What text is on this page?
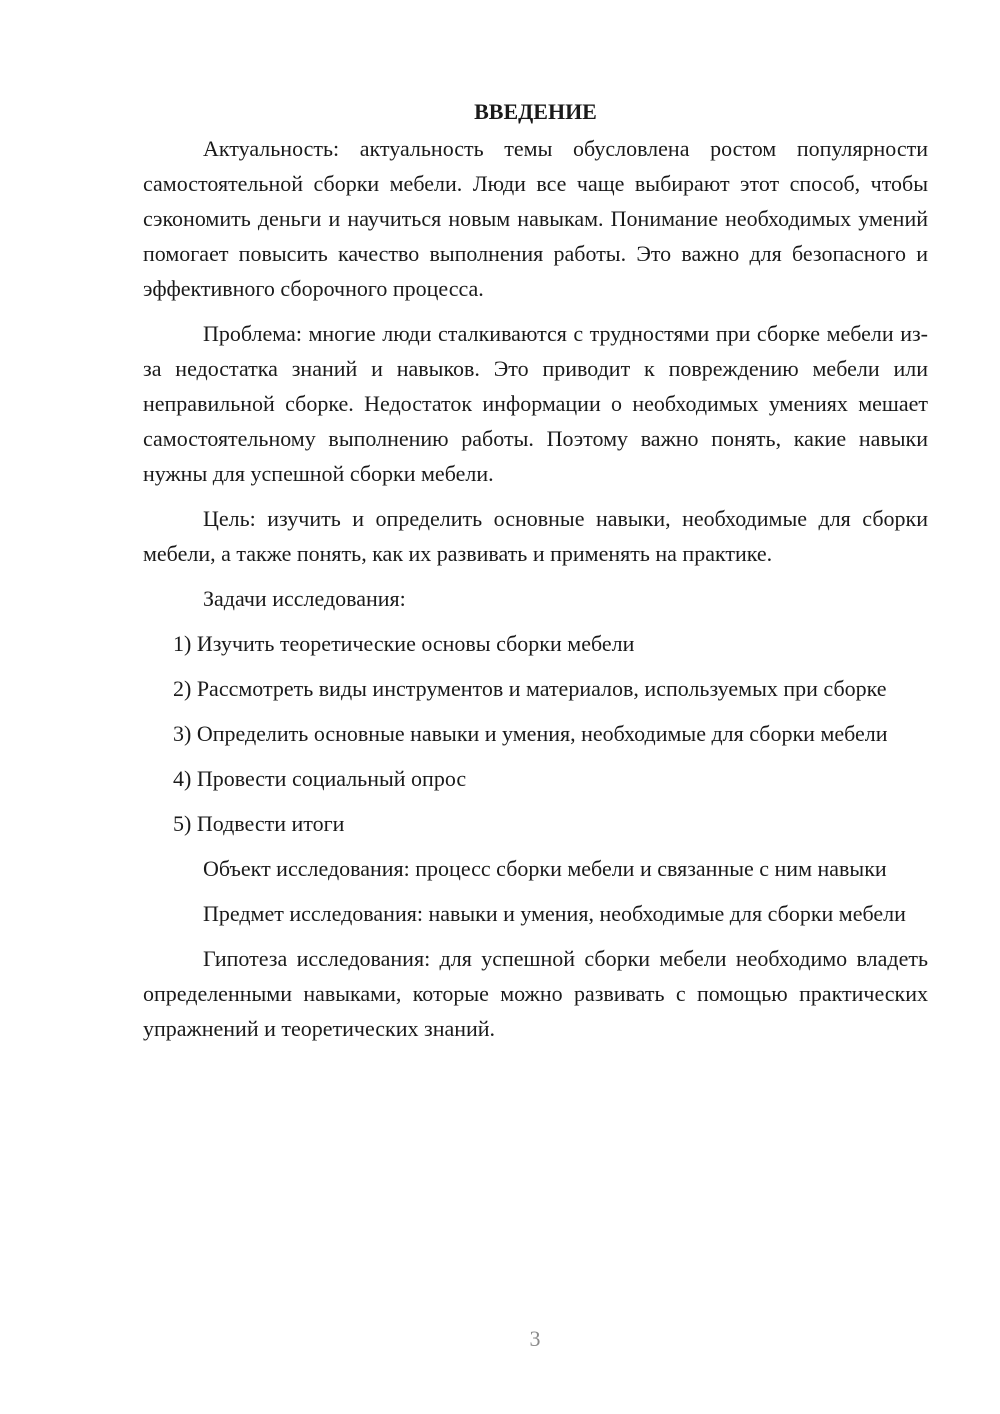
ВВЕДЕНИЕ

Актуальность: актуальность темы обусловлена ростом популярности самостоятельной сборки мебели. Люди все чаще выбирают этот способ, чтобы сэкономить деньги и научиться новым навыкам. Понимание необходимых умений помогает повысить качество выполнения работы. Это важно для безопасного и эффективного сборочного процесса.

Проблема: многие люди сталкиваются с трудностями при сборке мебели из-за недостатка знаний и навыков. Это приводит к повреждению мебели или неправильной сборке. Недостаток информации о необходимых умениях мешает самостоятельному выполнению работы. Поэтому важно понять, какие навыки нужны для успешной сборки мебели.

Цель: изучить и определить основные навыки, необходимые для сборки мебели, а также понять, как их развивать и применять на практике.

Задачи исследования:

1) Изучить теоретические основы сборки мебели

2) Рассмотреть виды инструментов и материалов, используемых при сборке

3) Определить основные навыки и умения, необходимые для сборки мебели

4) Провести социальный опрос

5) Подвести итоги

Объект исследования: процесс сборки мебели и связанные с ним навыки

Предмет исследования: навыки и умения, необходимые для сборки мебели

Гипотеза исследования: для успешной сборки мебели необходимо владеть определенными навыками, которые можно развивать с помощью практических упражнений и теоретических знаний.

3
